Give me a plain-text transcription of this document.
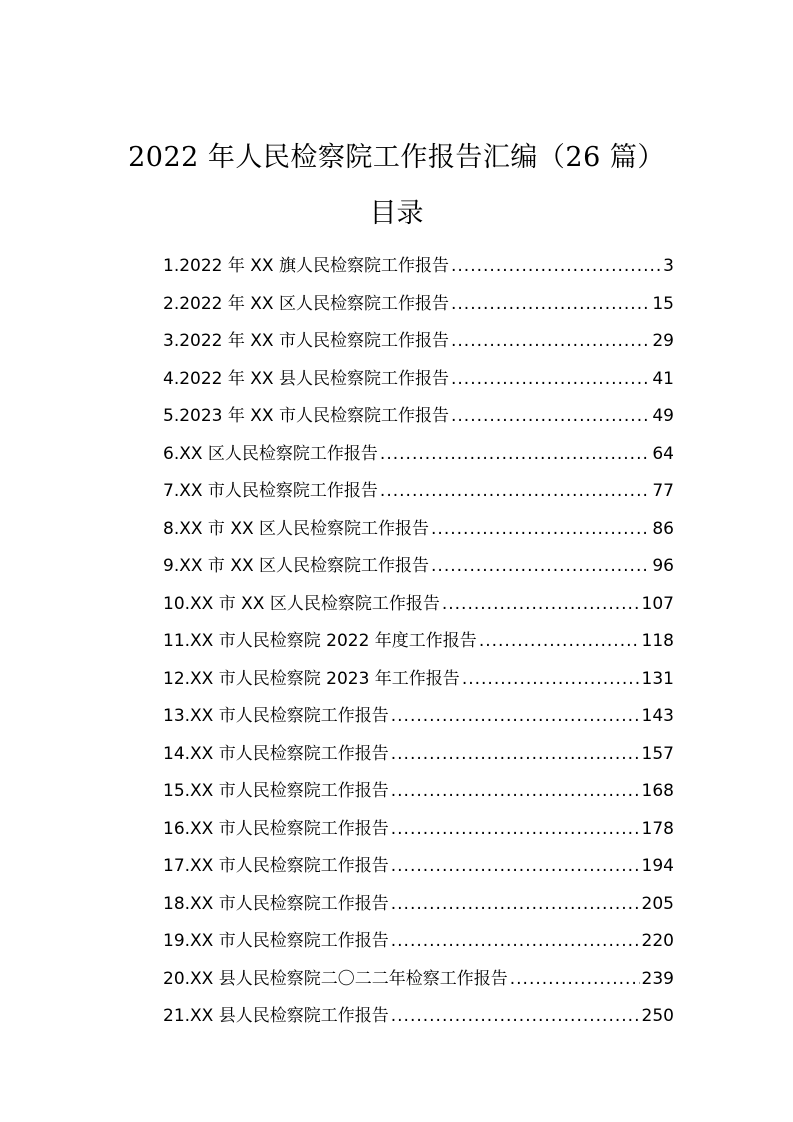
2022 年人民检察院工作报告汇编（26 篇）
目录
1.2022 年 XX 旗人民检察院工作报告 .....	3
2.2022 年 XX 区人民检察院工作报告 .....	15
3.2022 年 XX 市人民检察院工作报告 .....	29
4.2022 年 XX 县人民检察院工作报告 .....	41
5.2023 年 XX 市人民检察院工作报告 .....	49
6.XX 区人民检察院工作报告 .....	64
7.XX 市人民检察院工作报告 .....	77
8.XX 市 XX 区人民检察院工作报告 .....	86
9.XX 市 XX 区人民检察院工作报告 .....	96
10.XX 市 XX 区人民检察院工作报告 .....	107
11.XX 市人民检察院 2022 年度工作报告 .....	118
12.XX 市人民检察院 2023 年工作报告 .....	131
13.XX 市人民检察院工作报告 .....	143
14.XX 市人民检察院工作报告 .....	157
15.XX 市人民检察院工作报告 .....	168
16.XX 市人民检察院工作报告 .....	178
17.XX 市人民检察院工作报告 .....	194
18.XX 市人民检察院工作报告 .....	205
19.XX 市人民检察院工作报告 .....	220
20.XX 县人民检察院二〇二二年检察工作报告 .....	239
21.XX 县人民检察院工作报告 .....	250
